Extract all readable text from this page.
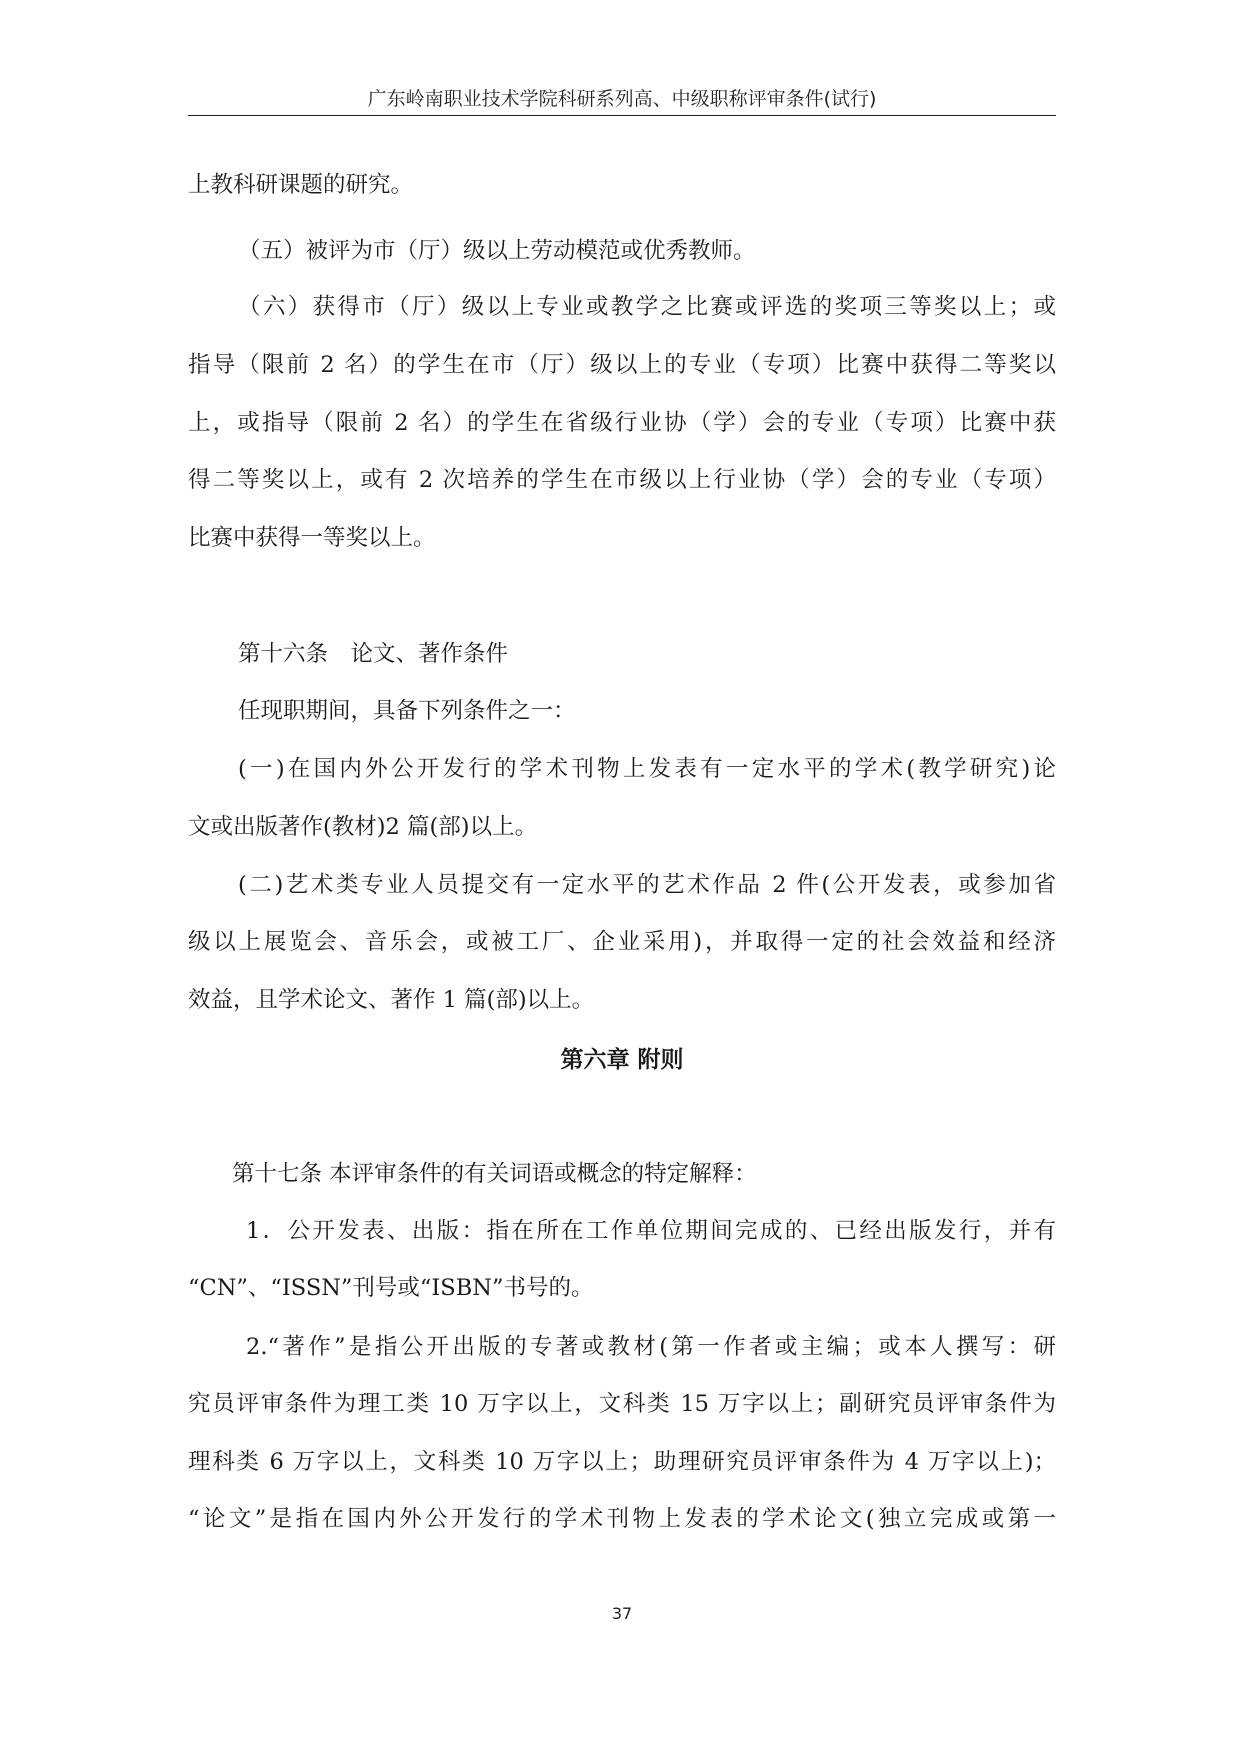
广东岭南职业技术学院科研系列高、中级职称评审条件(试行)
上教科研课题的研究。
（五）被评为市（厅）级以上劳动模范或优秀教师。
（六）获得市（厅）级以上专业或教学之比赛或评选的奖项三等奖以上；或
指导（限前 2 名）的学生在市（厅）级以上的专业（专项）比赛中获得二等奖以
上，或指导（限前 2 名）的学生在省级行业协（学）会的专业（专项）比赛中获
得二等奖以上，或有 2 次培养的学生在市级以上行业协（学）会的专业（专项）
比赛中获得一等奖以上。
第十六条　论文、著作条件
任现职期间，具备下列条件之一：
(一)在国内外公开发行的学术刊物上发表有一定水平的学术(教学研究)论
文或出版著作(教材)2 篇(部)以上。
(二)艺术类专业人员提交有一定水平的艺术作品 2 件(公开发表，或参加省
级以上展览会、音乐会，或被工厂、企业采用)，并取得一定的社会效益和经济
效益，且学术论文、著作 1 篇(部)以上。
第六章 附则
第十七条 本评审条件的有关词语或概念的特定解释：
1．公开发表、出版：指在所在工作单位期间完成的、已经出版发行，并有
“CN”、“ISSN”刊号或“ISBN”书号的。
2.“著作”是指公开出版的专著或教材(第一作者或主编；或本人撰写：研
究员评审条件为理工类 10 万字以上，文科类 15 万字以上；副研究员评审条件为
理科类 6 万字以上，文科类 10 万字以上；助理研究员评审条件为 4 万字以上)；
“论文”是指在国内外公开发行的学术刊物上发表的学术论文(独立完成或第一
37
